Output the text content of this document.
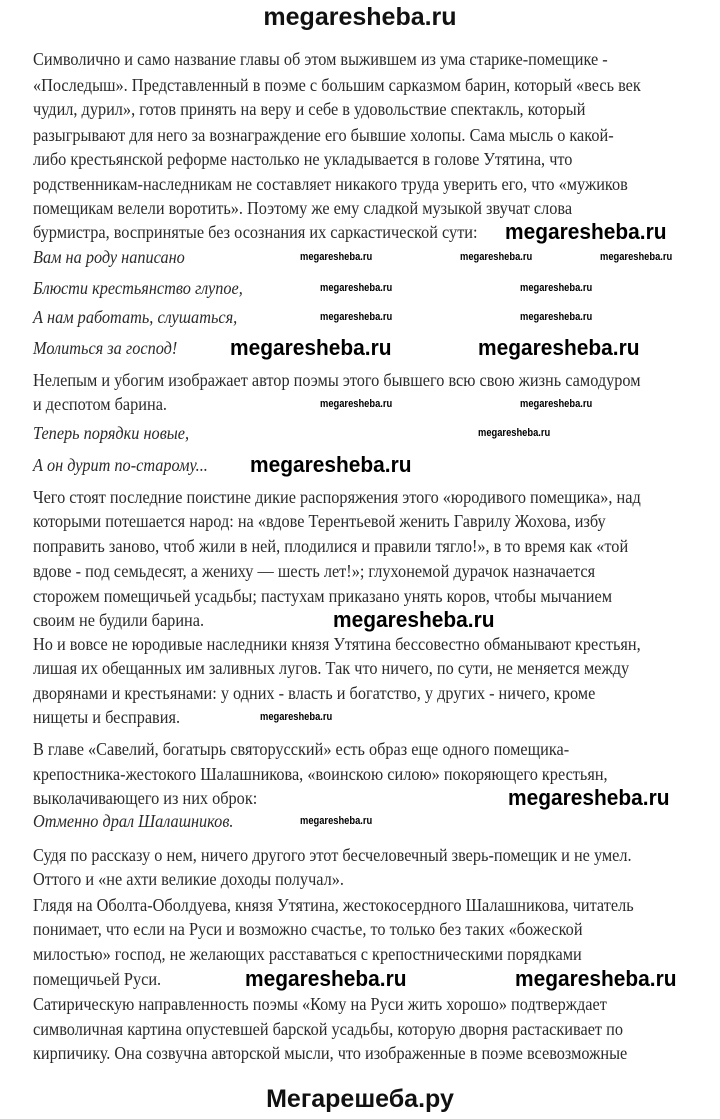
megaresheba.ru
Символично и само название главы об этом выжившем из ума старике-помещике -
«Последыш». Представленный в поэме с большим сарказмом барин, который «весь век
чудил, дурил», готов принять на веру и себе в удовольствие спектакль, который
разыгрывают для него за вознаграждение его бывшие холопы. Сама мысль о какой-
либо крестьянской реформе настолько не укладывается в голове Утятина, что
родственникам-наследникам не составляет никакого труда уверить его, что «мужиков
помещикам велели воротить». Поэтому же ему сладкой музыкой звучат слова
бурмистра, воспринятые без осознания их саркастической сути:
Вам на роду написано
Блюсти крестьянство глупое,
А нам работать, слушаться,
Молиться за господ!
Нелепым и убогим изображает автор поэмы этого бывшего всю свою жизнь самодуром
и деспотом барина.
Теперь порядки новые,
А он дурит по-старому...
Чего стоят последние поистине дикие распоряжения этого «юродивого помещика», над
которыми потешается народ: на «вдове Терентьевой женить Гаврилу Жохова, избу
поправить заново, чтоб жили в ней, плодилися и правили тягло!», в то время как «той
вдове - под семьдесят, а жениху — шесть лет!»; глухонемой дурачок назначается
сторожем помещичьей усадьбы; пастухам приказано унять коров, чтобы мычанием
своим не будили барина.
Но и вовсе не юродивые наследники князя Утятина бессовестно обманывают крестьян,
лишая их обещанных им заливных лугов. Так что ничего, по сути, не меняется между
дворянами и крестьянами: у одних - власть и богатство, у других - ничего, кроме
нищеты и бесправия.
В главе «Савелий, богатырь святорусский» есть образ еще одного помещика-
крепостника-жестокого Шалашникова, «воинскою силою» покоряющего крестьян,
выколачивающего из них оброк:
Отменно драл Шалашников.
Судя по рассказу о нем, ничего другого этот бесчеловечный зверь-помещик и не умел.
Оттого и «не ахти великие доходы получал».
Глядя на Оболта-Оболдуева, князя Утятина, жестокосердного Шалашникова, читатель
понимает, что если на Руси и возможно счастье, то только без таких «божеской
милостью» господ, не желающих расставаться с крепостническими порядками
помещичьей Руси.
Сатирическую направленность поэмы «Кому на Руси жить хорошо» подтверждает
символичная картина опустевшей барской усадьбы, которую дворня растаскивает по
кирпичику. Она созвучна авторской мысли, что изображенные в поэме всевозможные
megaresheba.ru
megaresheba.ru	megaresheba.ru	megaresheba.ru
megaresheba.ru	megaresheba.ru
megaresheba.ru	megaresheba.ru
megaresheba.ru	megaresheba.ru
megaresheba.ru	megaresheba.ru
megaresheba.ru
megaresheba.ru
megaresheba.ru
megaresheba.ru
megaresheba.ru
megaresheba.ru
megaresheba.ru	megaresheba.ru
Мегарешеба.ру
